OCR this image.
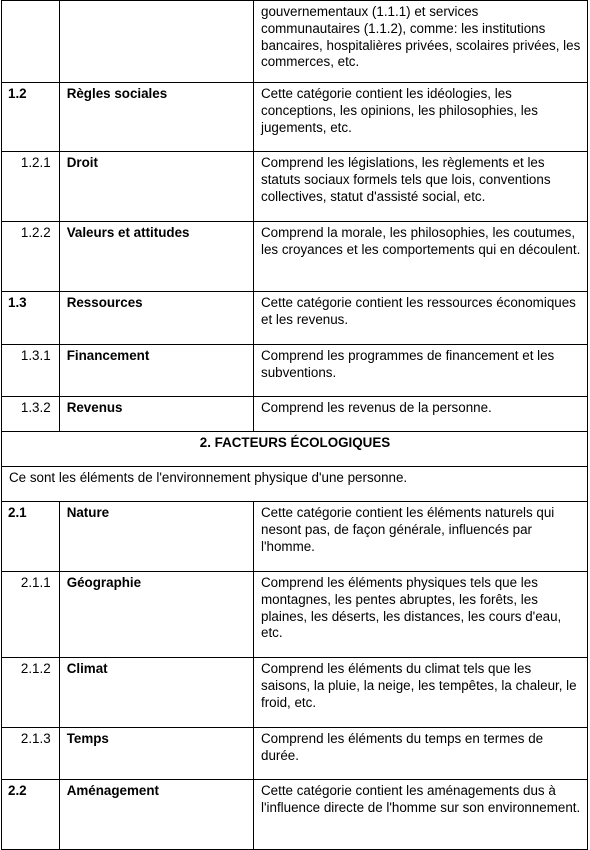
		gouvernementaux (1.1.1) et services communautaires (1.1.2), comme: les institutions bancaires, hospitalières privées, scolaires privées, les commerces, etc.
1.2	Règles sociales	Cette catégorie contient les idéologies, les conceptions, les opinions, les philosophies, les jugements, etc.
1.2.1	Droit	Comprend les législations, les règlements et les statuts sociaux formels tels que lois, conventions collectives, statut d'assisté social, etc.
1.2.2	Valeurs et attitudes	Comprend la morale, les philosophies, les coutumes, les croyances et les comportements qui en découlent.
1.3	Ressources	Cette catégorie contient les ressources économiques et les revenus.
1.3.1	Financement	Comprend les programmes de financement et les subventions.
1.3.2	Revenus	Comprend les revenus de la personne.
2. FACTEURS ÉCOLOGIQUES		
Ce sont les éléments de l'environnement physique d'une personne.		
2.1	Nature	Cette catégorie contient les éléments naturels qui nesont pas, de façon générale, influencés par l'homme.
2.1.1	Géographie	Comprend les éléments physiques tels que les montagnes, les pentes abruptes, les forêts, les plaines, les déserts, les distances, les cours d'eau, etc.
2.1.2	Climat	Comprend les éléments du climat tels que les saisons, la pluie, la neige, les tempêtes, la chaleur, le froid, etc.
2.1.3	Temps	Comprend les éléments du temps en termes de durée.
2.2	Aménagement	Cette catégorie contient les aménagements dus à l'influence directe de l'homme sur son environnement.
